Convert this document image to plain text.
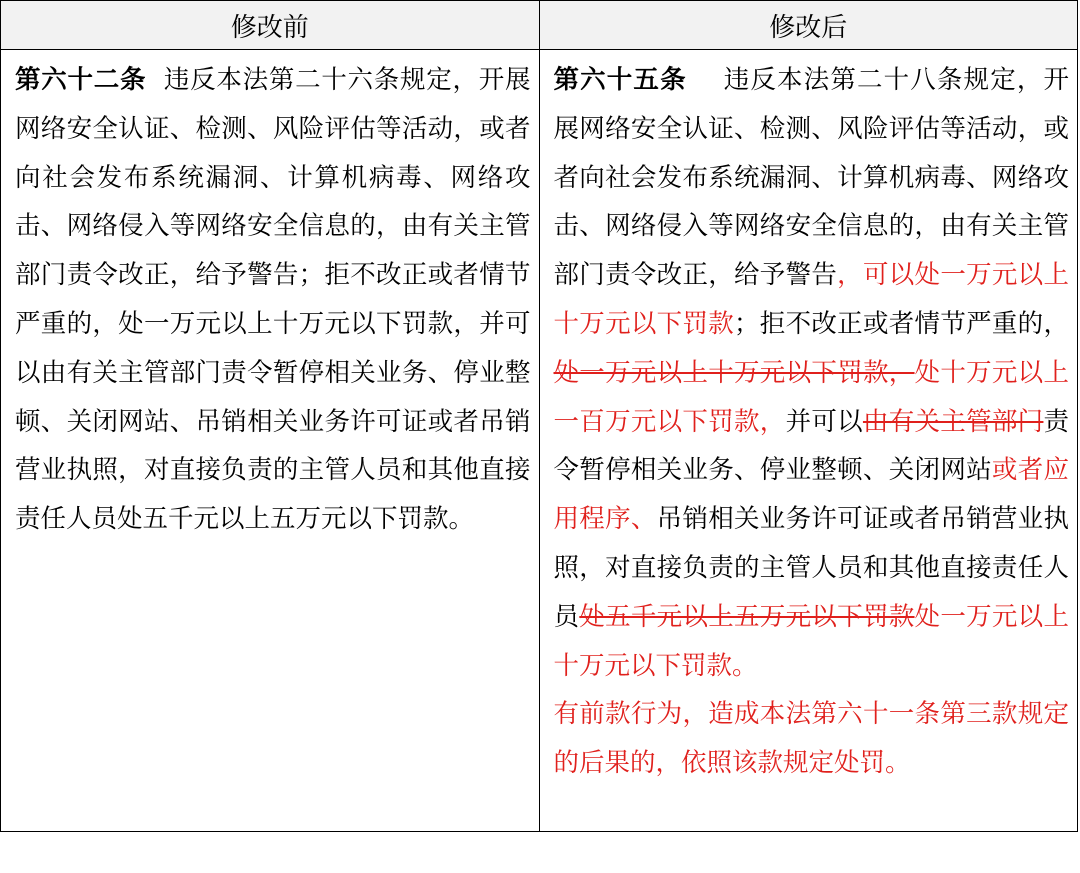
修改前	修改后

第六十二条 违反本法第二十六条规定，开展网络安全认证、检测、风险评估等活动，或者向社会发布系统漏洞、计算机病毒、网络攻击、网络侵入等网络安全信息的，由有关主管部门责令改正，给予警告；拒不改正或者情节严重的，处一万元以上十万元以下罚款，并可以由有关主管部门责令暂停相关业务、停业整顿、关闭网站、吊销相关业务许可证或者吊销营业执照，对直接负责的主管人员和其他直接责任人员处五千元以上五万元以下罚款。	第六十五条 违反本法第二十八条规定，开展网络安全认证、检测、风险评估等活动，或者向社会发布系统漏洞、计算机病毒、网络攻击、网络侵入等网络安全信息的，由有关主管部门责令改正，给予警告，可以处一万元以上十万元以下罚款；拒不改正或者情节严重的，处一万元以上十万元以下罚款，处十万元以上一百万元以下罚款，并可以由有关主管部门责令暂停相关业务、停业整顿、关闭网站或者应用程序、吊销相关业务许可证或者吊销营业执照，对直接负责的主管人员和其他直接责任人员处五千元以上五万元以下罚款处一万元以上十万元以下罚款。
有前款行为，造成本法第六十一条第三款规定的后果的，依照该款规定处罚。
